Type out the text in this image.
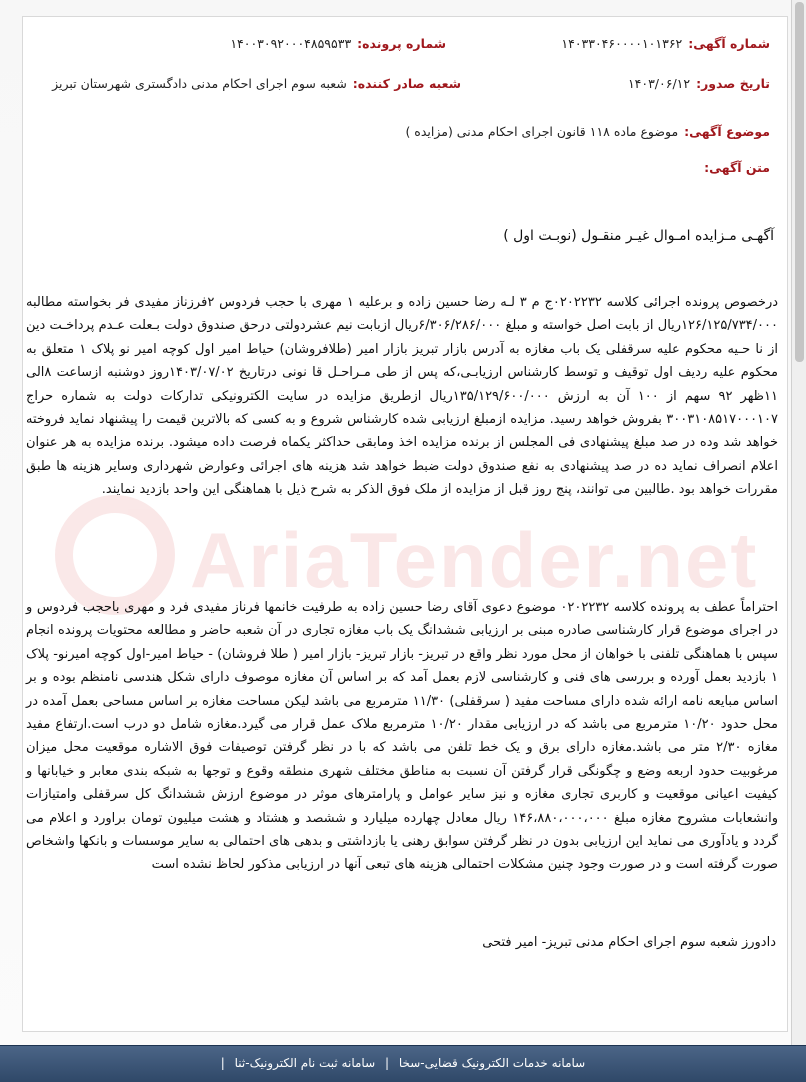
شماره آگهی:۱۴۰۳۳۰۴۶۰۰۰۰۱۰۱۳۶۲
شماره پرونده:۱۴۰۰۳۰۹۲۰۰۰۴۸۵۹۵۳۳
تاریخ صدور:۱۴۰۳/۰۶/۱۲
شعبه صادر کننده:شعبه سوم اجرای احکام مدنی دادگستری شهرستان تبریز
موضوع آگهی:موضوع ماده ۱۱۸ قانون اجرای احکام مدنی (مزایده )
متن آگهی:
آگهـی مـزایده امـوال غیـر منقـول (نوبـت اول )

درخصوص پرونده اجرائی کلاسه ۰۲۰۲۲۳۲ج م ۳ لـه رضا حسین زاده و برعلیه ۱ مهری با حجب فردوس ۲فرزناز مفیدی فر بخواسته مطالبه ۱۲۶/۱۲۵/۷۳۴/۰۰۰ریال از بابت اصل خواسته و مبلغ ۶/۳۰۶/۲۸۶/۰۰۰ریال ازبابت نیم عشردولتی درحق صندوق دولت بـعلت عـدم پرداخـت دین از نا حـیه محکوم علیه سرقفلی یک باب مغازه به آدرس بازار تبریز بازار امیر (طلافروشان) حیاط امیر اول کوچه امیر نو پلاک ۱ متعلق به محکوم علیه ردیف اول توقیف و توسط کارشناس ارزیابـی،که پس از طی مـراحـل قا نونی درتاریخ ۱۴۰۳/۰۷/۰۲روز دوشنبه ازساعت ۸الی ۱۱ظهر ۹۲ سهم از ۱۰۰ آن به ارزش ۱۳۵/۱۲۹/۶۰۰/۰۰۰ریال ازطریق مزایده در سایت الکترونیکی تدارکات دولت به شماره حراج ۳۰۰۳۱۰۸۵۱۷۰۰۰۱۰۷ بفروش خواهد رسید. مزایده ازمبلغ ارزیابی شده کارشناس شروع و به کسی که بالاترین قیمت را پیشنهاد نماید فروخته خواهد شد وده در صد مبلغ پیشنهادی فی المجلس از برنده مزایده اخذ ومابقی حداکثر یکماه فرصت داده میشود. برنده مزایده به هر عنوان اعلام انصراف نماید ده در صد پیشنهادی به نفع صندوق دولت ضبط خواهد شد هزینه های اجرائی وعوارض شهرداری وسایر هزینه ها طبق مقررات خواهد بود .طالبین می توانند، پنج روز قبل از مزایده از ملک فوق الذکر به شرح ذیل با هماهنگی این واحد بازدید نمایند.

احتراماً عطف به پرونده کلاسه ۰۲۰۲۲۳۲ موضوع دعوی آقای رضا حسین زاده به طرفیت خانمها فرناز مفیدی فرد و مهری باحجب فردوس و در اجرای موضوع قرار کارشناسی صادره مبنی بر ارزیابی ششدانگ یک باب مغازه تجاری در آن شعبه حاضر و مطالعه محتویات پرونده انجام سپس با هماهنگی تلفنی با خواهان از محل مورد نظر واقع در تبریز- بازار تبریز- بازار امیر ( طلا فروشان) - حیاط امیر-اول کوچه امیرنو- پلاک ۱ بازدید بعمل آورده و بررسی های فنی و کارشناسی لازم بعمل آمد که بر اساس آن مغازه موصوف دارای شکل هندسی نامنظم بوده و بر اساس مبایعه نامه ارائه شده دارای مساحت مفید ( سرقفلی) ۱۱/۳۰ مترمربع می باشد لیکن مساحت مغازه بر اساس مساحی بعمل آمده در محل حدود ۱۰/۲۰ مترمربع می باشد که در ارزیابی مقدار ۱۰/۲۰ مترمربع ملاک عمل قرار می گیرد.مغازه شامل دو درب است.ارتفاع مفید مغازه ۲/۳۰ متر می باشد.مغازه دارای برق و یک خط تلفن می باشد که با در نظر گرفتن توصیفات فوق الاشاره موقعیت محل میزان مرغوبیت حدود اربعه وضع و چگونگی قرار گرفتن آن نسبت به مناطق مختلف شهری منطقه وقوع و توجها به شبکه بندی معابر و خیابانها و کیفیت اعیانی موقعیت و کاربری تجاری مغازه و نیز سایر عوامل و پارامترهای موثر در موضوع ارزش ششدانگ کل سرقفلی وامتیازات وانشعابات مشروح مغازه مبلغ ۱۴۶،۸۸۰،۰۰۰،۰۰۰ ریال معادل چهارده میلیارد و ششصد و هشتاد و هشت میلیون تومان براورد و اعلام می گردد و یادآوری می نماید این ارزیابی بدون در نظر گرفتن سوابق رهنی یا بازداشتی و بدهی های احتمالی به سایر موسسات و بانکها واشخاص صورت گرفته است و در صورت وجود چنین مشکلات احتمالی هزینه های تبعی آنها در ارزیابی مذکور لحاظ نشده است

دادورز شعبه سوم اجرای احکام مدنی تبریز- امیر فتحی
سامانه خدمات الکترونیک قضایی-سخا | سامانه ثبت نام الکترونیک-ثنا |
